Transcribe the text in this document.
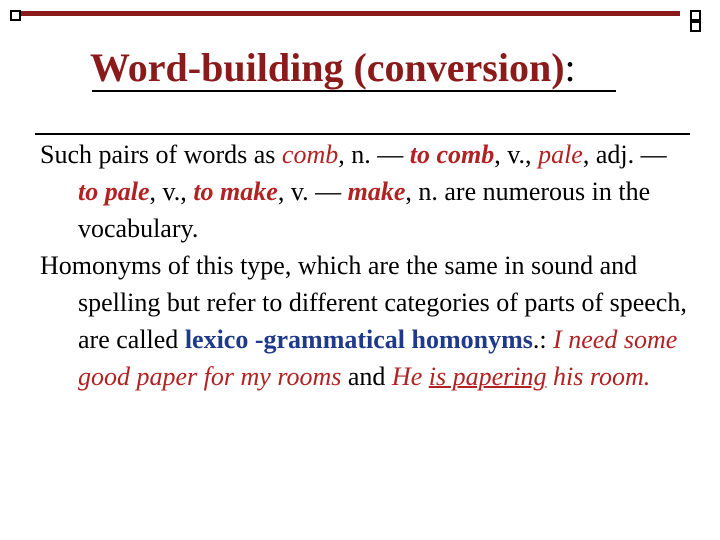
Word-building (conversion):

Such pairs of words as comb, n. — to comb, v., pale, adj. — to pale, v., to make, v. — make, n. are numerous in the vocabulary.

Homonyms of this type, which are the same in sound and spelling but refer to different categories of parts of speech, are called lexico -grammatical homonyms.: I need some good paper for my rooms and He is papering his room.
